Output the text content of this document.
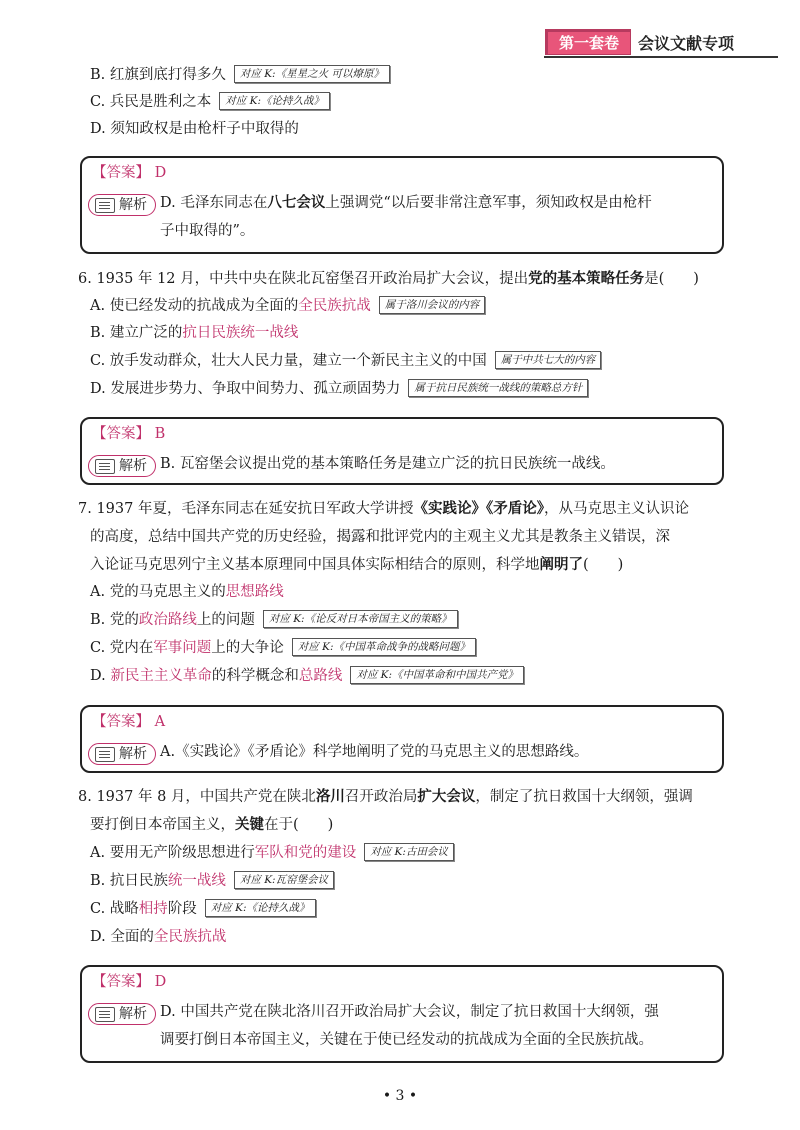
第一套卷	会议文献专项
B. 红旗到底打得多久 对应 K:《星星之火 可以燎原》
C. 兵民是胜利之本 对应 K:《论持久战》
D. 须知政权是由枪杆子中取得的
【答案】 D
解析 D. 毛泽东同志在八七会议上强调党“以后要非常注意军事，须知政权是由枪杆
子中取得的”。
6. 1935 年 12 月，中共中央在陕北瓦窑堡召开政治局扩大会议，提出党的基本策略任务是(　　)
A. 使已经发动的抗战成为全面的全民族抗战 属于洛川会议的内容
B. 建立广泛的抗日民族统一战线
C. 放手发动群众，壮大人民力量，建立一个新民主主义的中国 属于中共七大的内容
D. 发展进步势力、争取中间势力、孤立顽固势力 属于抗日民族统一战线的策略总方针
【答案】 B
解析 B. 瓦窑堡会议提出党的基本策略任务是建立广泛的抗日民族统一战线。
7. 1937 年夏，毛泽东同志在延安抗日军政大学讲授《实践论》《矛盾论》，从马克思主义认识论
的高度，总结中国共产党的历史经验，揭露和批评党内的主观主义尤其是教条主义错误，深
入论证马克思列宁主义基本原理同中国具体实际相结合的原则，科学地阐明了(　　)
A. 党的马克思主义的思想路线
B. 党的政治路线上的问题 对应 K:《论反对日本帝国主义的策略》
C. 党内在军事问题上的大争论 对应 K:《中国革命战争的战略问题》
D. 新民主主义革命的科学概念和总路线 对应 K:《中国革命和中国共产党》
【答案】 A
解析 A.《实践论》《矛盾论》科学地阐明了党的马克思主义的思想路线。
8. 1937 年 8 月，中国共产党在陕北洛川召开政治局扩大会议，制定了抗日救国十大纲领，强调
要打倒日本帝国主义，关键在于(　　)
A. 要用无产阶级思想进行军队和党的建设 对应 K:古田会议
B. 抗日民族统一战线 对应 K:瓦窑堡会议
C. 战略相持阶段 对应 K:《论持久战》
D. 全面的全民族抗战
【答案】 D
解析 D. 中国共产党在陕北洛川召开政治局扩大会议，制定了抗日救国十大纲领，强
调要打倒日本帝国主义，关键在于使已经发动的抗战成为全面的全民族抗战。
• 3 •
